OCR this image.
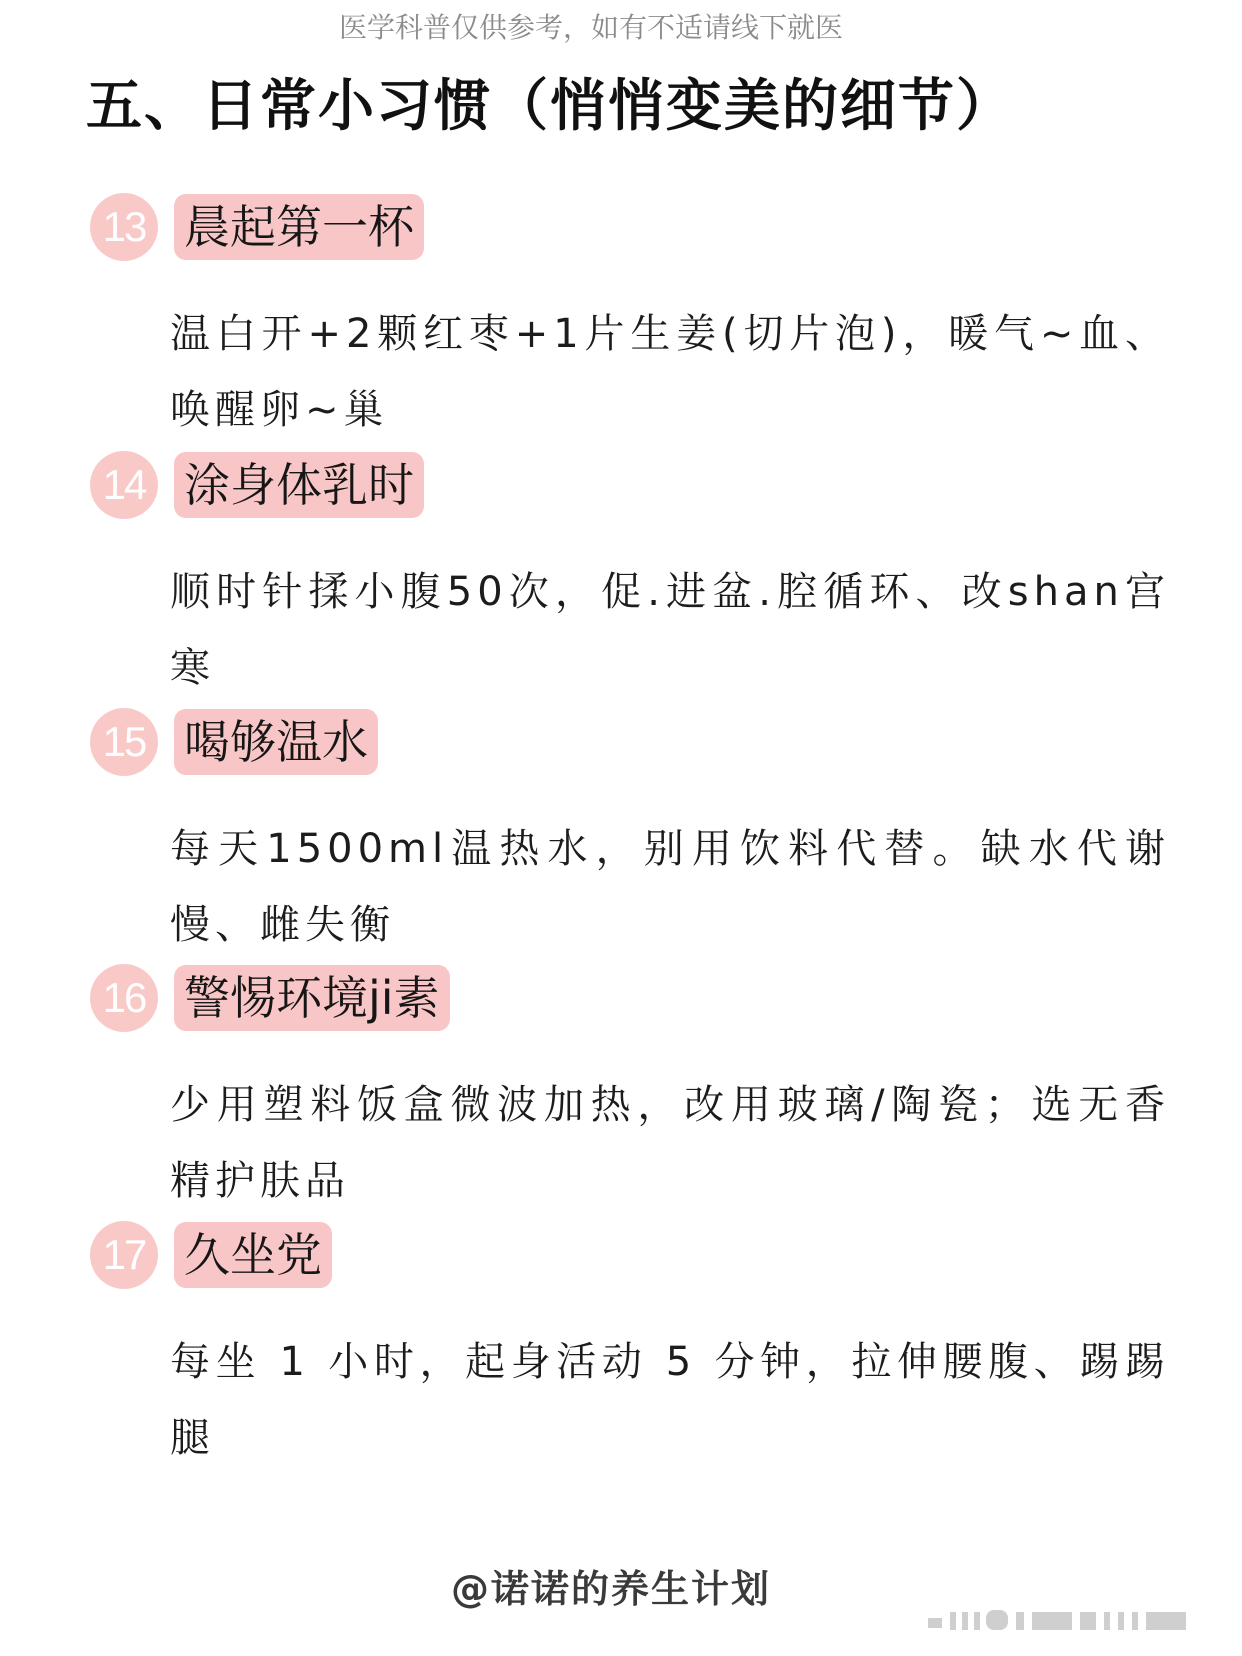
医学科普仅供参考，如有不适请线下就医
五、日常小习惯（悄悄变美的细节）
13 晨起第一杯
温白开+2颗红枣+1片生姜(切片泡)，暖气~血、唤醒卵~巢
14 涂身体乳时
顺时针揉小腹50次，促.进盆.腔循环、改shan宫寒
15 喝够温水
每天1500ml温热水，别用饮料代替。缺水代谢慢、雌失衡
16 警惕环境ji素
少用塑料饭盒微波加热，改用玻璃/陶瓷；选无香精护肤品
17 久坐党
每坐 1 小时，起身活动 5 分钟，拉伸腰腹、踢踢腿
@诺诺的养生计划
